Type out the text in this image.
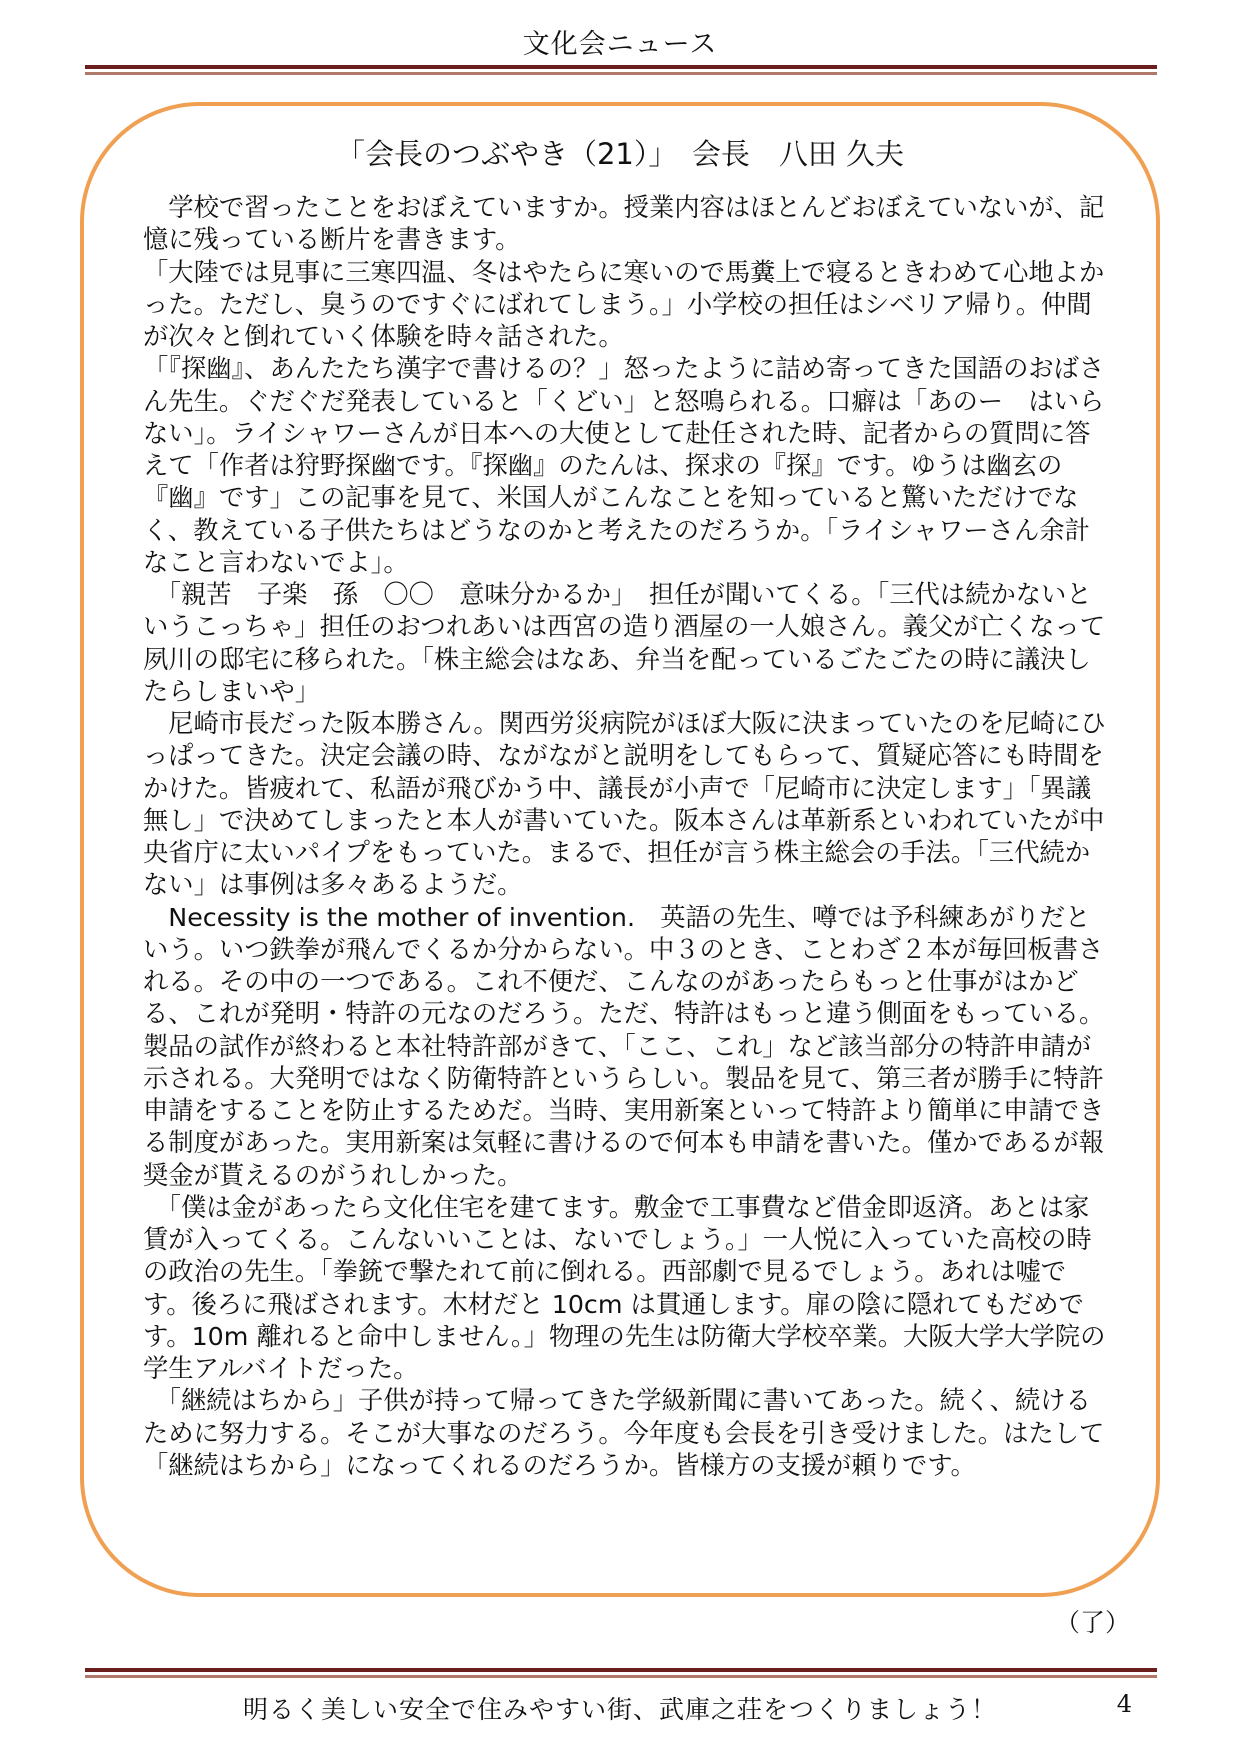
文化会ニュース
「会長のつぶやき（21）」　会長　八田 久夫

　学校で習ったことをおぼえていますか。授業内容はほとんどおぼえていないが、記憶に残っている断片を書きます。

「大陸では見事に三寒四温、冬はやたらに寒いので馬糞上で寝るときわめて心地よかった。ただし、臭うのですぐにばれてしまう。」小学校の担任はシベリア帰り。仲間が次々と倒れていく体験を時々話された。

「『探幽』、あんたたち漢字で書けるの？」怒ったように詰め寄ってきた国語のおばさん先生。ぐだぐだ発表していると「くどい」と怒鳴られる。口癖は「あのー　はいらない」。ライシャワーさんが日本への大使として赴任された時、記者からの質問に答えて「作者は狩野探幽です。『探幽』のたんは、探求の『探』です。ゆうは幽玄の『幽』です」この記事を見て、米国人がこんなことを知っていると驚いただけでなく、教えている子供たちはどうなのかと考えたのだろうか。「ライシャワーさん余計なこと言わないでよ」。

　「親苦　子楽　孫　〇〇　意味分かるか」　担任が聞いてくる。「三代は続かないというこっちゃ」担任のおつれあいは西宮の造り酒屋の一人娘さん。義父が亡くなって夙川の邸宅に移られた。「株主総会はなあ、弁当を配っているごたごたの時に議決したらしまいや」

　尼崎市長だった阪本勝さん。関西労災病院がほぼ大阪に決まっていたのを尼崎にひっぱってきた。決定会議の時、ながながと説明をしてもらって、質疑応答にも時間をかけた。皆疲れて、私語が飛びかう中、議長が小声で「尼崎市に決定します」「異議無し」で決めてしまったと本人が書いていた。阪本さんは革新系といわれていたが中央省庁に太いパイプをもっていた。まるで、担任が言う株主総会の手法。「三代続かない」は事例は多々あるようだ。

　Necessity is the mother of invention.　英語の先生、噂では予科練あがりだという。いつ鉄拳が飛んでくるか分からない。中３のとき、ことわざ２本が毎回板書される。その中の一つである。これ不便だ、こんなのがあったらもっと仕事がはかどる、これが発明・特許の元なのだろう。ただ、特許はもっと違う側面をもっている。製品の試作が終わると本社特許部がきて、「ここ、これ」など該当部分の特許申請が示される。大発明ではなく防衛特許というらしい。製品を見て、第三者が勝手に特許申請をすることを防止するためだ。当時、実用新案といって特許より簡単に申請できる制度があった。実用新案は気軽に書けるので何本も申請を書いた。僅かであるが報奨金が貰えるのがうれしかった。

　「僕は金があったら文化住宅を建てます。敷金で工事費など借金即返済。あとは家賃が入ってくる。こんないいことは、ないでしょう。」一人悦に入っていた高校の時の政治の先生。「拳銃で撃たれて前に倒れる。西部劇で見るでしょう。あれは嘘です。後ろに飛ばされます。木材だと 10cm は貫通します。扉の陰に隠れてもだめです。10m 離れると命中しません。」物理の先生は防衛大学校卒業。大阪大学大学院の学生アルバイトだった。

　「継続はちから」子供が持って帰ってきた学級新聞に書いてあった。続く、続けるために努力する。そこが大事なのだろう。今年度も会長を引き受けました。はたして「継続はちから」になってくれるのだろうか。皆様方の支援が頼りです。

（了）
明るく美しい安全で住みやすい街、武庫之荘をつくりましょう！	4
